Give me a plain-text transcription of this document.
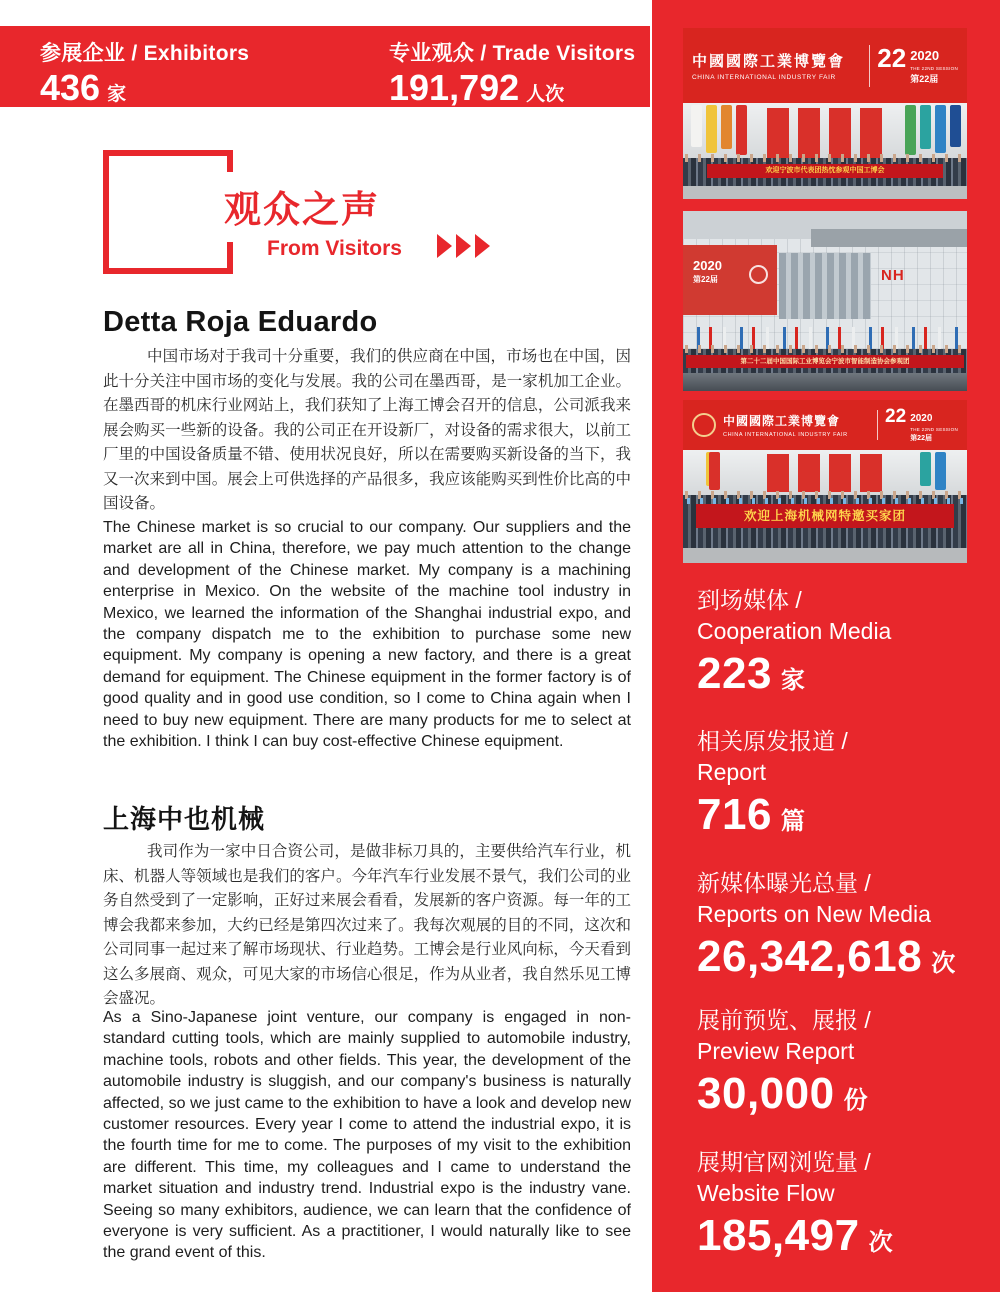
参展企业 / Exhibitors
436 家
专业观众 / Trade Visitors
191,792 人次
观众之声
From Visitors
Detta Roja Eduardo

中国市场对于我司十分重要，我们的供应商在中国，市场也在中国，因此十分关注中国市场的变化与发展。我的公司在墨西哥，是一家机加工企业。在墨西哥的机床行业网站上，我们获知了上海工博会召开的信息，公司派我来展会购买一些新的设备。我的公司正在开设新厂，对设备的需求很大，以前工厂里的中国设备质量不错、使用状况良好，所以在需要购买新设备的当下，我又一次来到中国。展会上可供选择的产品很多，我应该能购买到性价比高的中国设备。

The Chinese market is so crucial to our company. Our suppliers and the market are all in China, therefore, we pay much attention to the change and development of the Chinese market. My company is a machining enterprise in Mexico. On the website of the machine tool industry in Mexico, we learned the information of the Shanghai industrial expo, and the company dispatch me to the exhibition to purchase some new equipment. My company is opening a new factory, and there is a great demand for equipment. The Chinese equipment in the former factory is of good quality and in good use condition, so I come to China again when I need to buy new equipment. There are many products for me to select at the exhibition. I think I can buy cost-effective Chinese equipment.

上海中也机械

我司作为一家中日合资公司，是做非标刀具的，主要供给汽车行业，机床、机器人等领域也是我们的客户。今年汽车行业发展不景气，我们公司的业务自然受到了一定影响，正好过来展会看看，发展新的客户资源。每一年的工博会我都来参加，大约已经是第四次过来了。我每次观展的目的不同，这次和公司同事一起过来了解市场现状、行业趋势。工博会是行业风向标，今天看到这么多展商、观众，可见大家的市场信心很足，作为从业者，我自然乐见工博会盛况。

As a Sino-Japanese joint venture, our company is engaged in non-standard cutting tools, which are mainly supplied to automobile industry, machine tools, robots and other fields. This year, the development of the automobile industry is sluggish, and our company's business is naturally affected, so we just came to the exhibition to have a look and develop new customer resources. Every year I come to attend the industrial expo, it is the fourth time for me to come. The purposes of my visit to the exhibition are different. This time, my colleagues and I came to understand the market situation and industry trend. Industrial expo is the industry vane. Seeing so many exhibitors, audience, we can learn that the confidence of everyone is very sufficient. As a practitioner, I would naturally like to see the grand event of this.

中國國際工業博覽會
CHINA INTERNATIONAL INDUSTRY FAIR
22 2020
THE 22ND SESSION
第22届
欢迎宁波市代表团热忱参观中国工博会
2020
第22届	NH
第二十二届中国国际工业博览会宁波市智能制造协会参观团
中國國際工業博覽會
CHINA INTERNATIONAL INDUSTRY FAIR
22 2020
THE 22ND SESSION
第22届
欢迎上海机械网特邀买家团
到场媒体 /
Cooperation Media
223 家
相关原发报道 /
Report
716 篇
新媒体曝光总量 /
Reports on New Media
26,342,618 次
展前预览、展报 /
Preview Report
30,000 份
展期官网浏览量 /
Website Flow
185,497 次
